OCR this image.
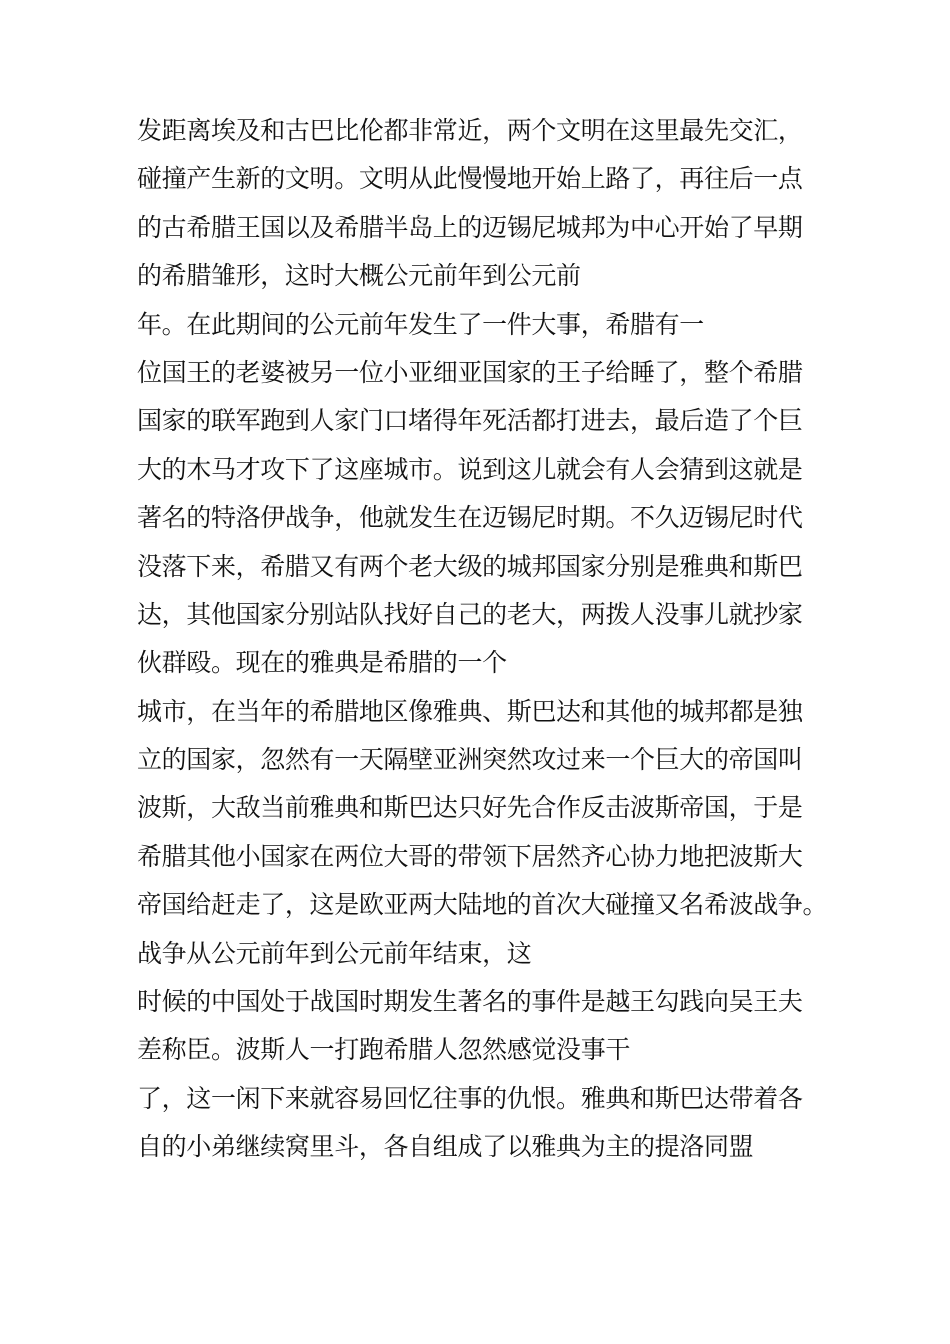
发距离埃及和古巴比伦都非常近，两个文明在这里最先交汇，
碰撞产生新的文明。文明从此慢慢地开始上路了，再往后一点
的古希腊王国以及希腊半岛上的迈锡尼城邦为中心开始了早期
的希腊雏形，这时大概公元前年到公元前
年。在此期间的公元前年发生了一件大事，希腊有一
位国王的老婆被另一位小亚细亚国家的王子给睡了，整个希腊
国家的联军跑到人家门口堵得年死活都打进去，最后造了个巨
大的木马才攻下了这座城市。说到这儿就会有人会猜到这就是
著名的特洛伊战争，他就发生在迈锡尼时期。不久迈锡尼时代
没落下来，希腊又有两个老大级的城邦国家分别是雅典和斯巴
达，其他国家分别站队找好自己的老大，两拨人没事儿就抄家
伙群殴。现在的雅典是希腊的一个
城市，在当年的希腊地区像雅典、斯巴达和其他的城邦都是独
立的国家，忽然有一天隔壁亚洲突然攻过来一个巨大的帝国叫
波斯，大敌当前雅典和斯巴达只好先合作反击波斯帝国，于是
希腊其他小国家在两位大哥的带领下居然齐心协力地把波斯大
帝国给赶走了，这是欧亚两大陆地的首次大碰撞又名希波战争。
战争从公元前年到公元前年结束，这
时候的中国处于战国时期发生著名的事件是越王勾践向吴王夫
差称臣。波斯人一打跑希腊人忽然感觉没事干
了，这一闲下来就容易回忆往事的仇恨。雅典和斯巴达带着各
自的小弟继续窝里斗，各自组成了以雅典为主的提洛同盟
